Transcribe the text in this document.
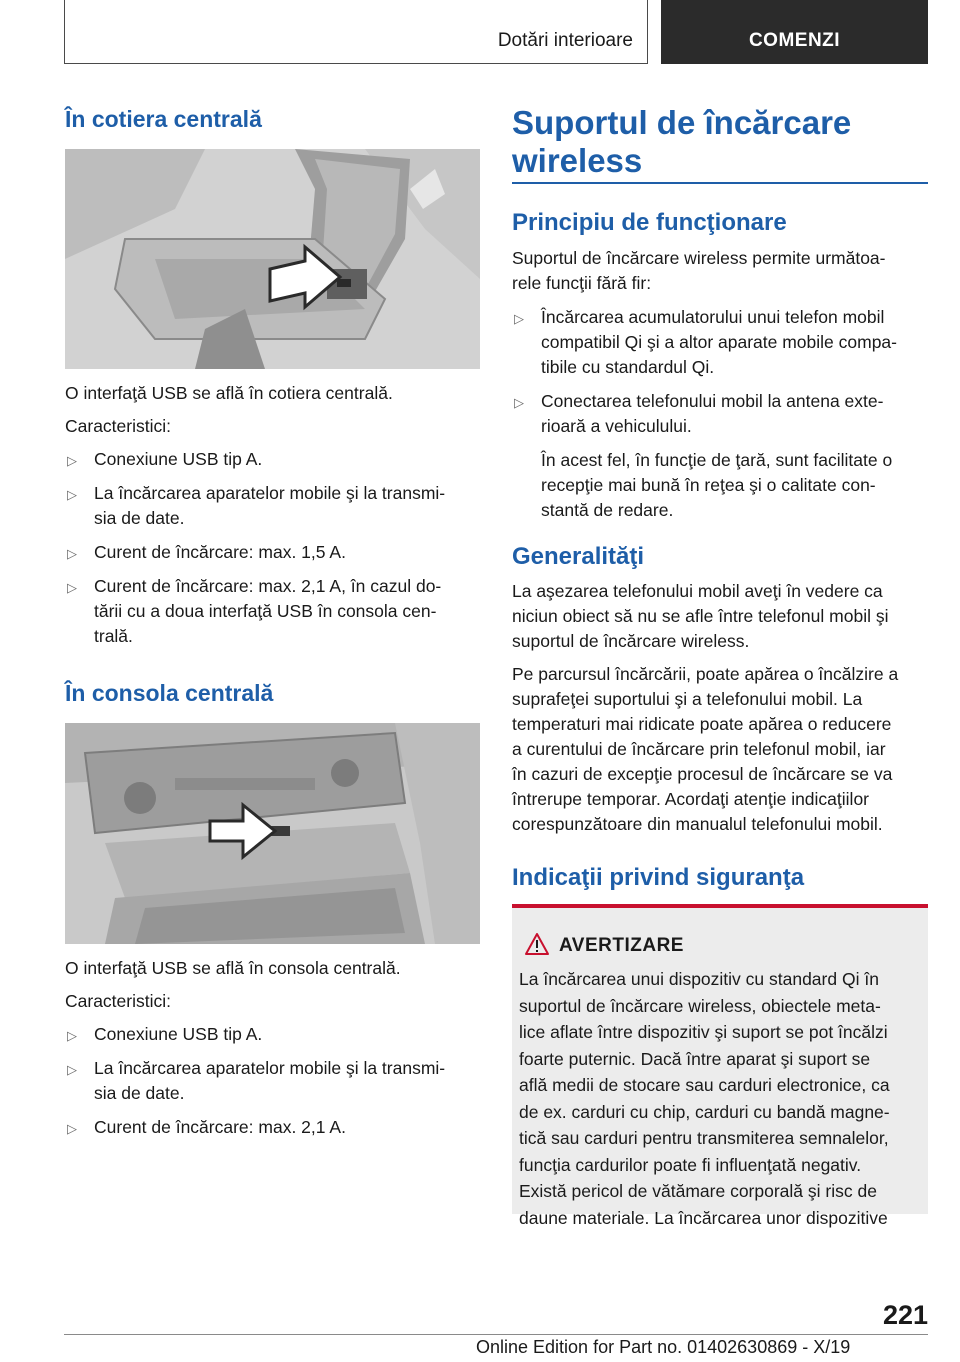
Dotări interioare	COMENZI
În cotiera centrală

O interfaţă USB se află în cotiera centrală.

Caracteristici:

▷ Conexiune USB tip A.
▷ La încărcarea aparatelor mobile şi la transmi‐
sia de date.
▷ Curent de încărcare: max. 1,5 A.
▷ Curent de încărcare: max. 2,1 A, în cazul do‐
tării cu a doua interfaţă USB în consola cen‐
trală.
În consola centrală

O interfaţă USB se află în consola centrală.

Caracteristici:

▷ Conexiune USB tip A.
▷ La încărcarea aparatelor mobile şi la transmi‐
sia de date.
▷ Curent de încărcare: max. 2,1 A.
Suportul de încărcare
wireless
Principiu de funcţionare

Suportul de încărcare wireless permite următoa‐
rele funcţii fără fir:

▷ Încărcarea acumulatorului unui telefon mobil
compatibil Qi şi a altor aparate mobile compa‐
tibile cu standardul Qi.
▷ Conectarea telefonului mobil la antena exte‐
rioară a vehiculului.
În acest fel, în funcţie de ţară, sunt facilitate o
recepţie mai bună în reţea şi o calitate con‐
stantă de redare.
Generalităţi

La aşezarea telefonului mobil aveţi în vedere ca
niciun obiect să nu se afle între telefonul mobil şi
suportul de încărcare wireless.

Pe parcursul încărcării, poate apărea o încălzire a
suprafeţei suportului şi a telefonului mobil. La
temperaturi mai ridicate poate apărea o reducere
a curentului de încărcare prin telefonul mobil, iar
în cazuri de excepţie procesul de încărcare se va
întrerupe temporar. Acordaţi atenţie indicaţiilor
corespunzătoare din manualul telefonului mobil.

Indicaţii privind siguranţa
AVERTIZARE
La încărcarea unui dispozitiv cu standard Qi în
suportul de încărcare wireless, obiectele meta‐
lice aflate între dispozitiv şi suport se pot încălzi
foarte puternic. Dacă între aparat şi suport se
află medii de stocare sau carduri electronice, ca
de ex. carduri cu chip, carduri cu bandă magne‐
tică sau carduri pentru transmiterea semnalelor,
funcţia cardurilor poate fi influenţată negativ.
Există pericol de vătămare corporală şi risc de
daune materiale. La încărcarea unor dispozitive
221
Online Edition for Part no. 01402630869 - X/19
